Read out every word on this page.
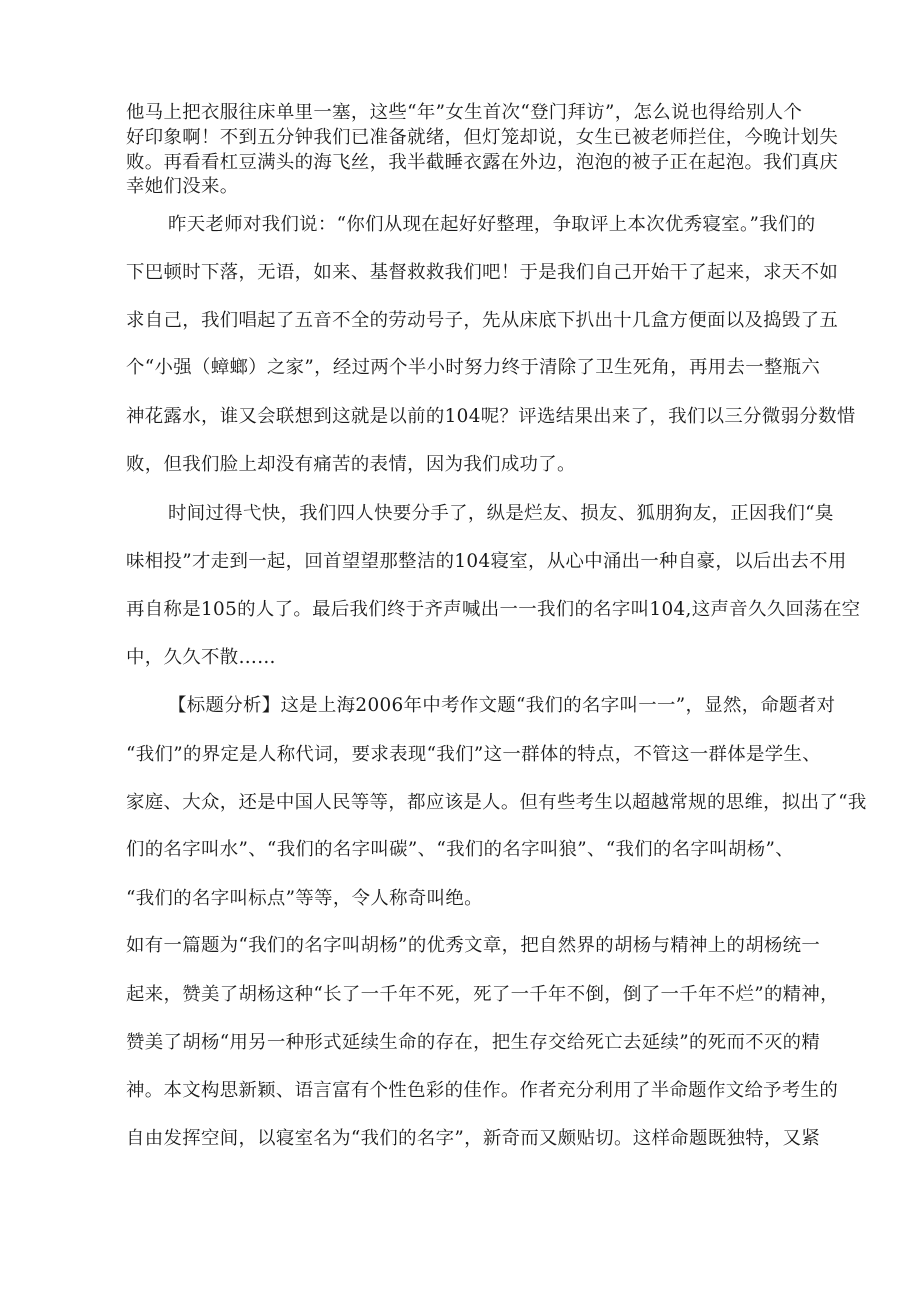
他马上把衣服往床单里一塞，这些“年”女生首次“登门拜访”，怎么说也得给别人个
好印象啊！不到五分钟我们已准备就绪，但灯笼却说，女生已被老师拦住，今晚计划失
败。再看看杠豆满头的海飞丝，我半截睡衣露在外边，泡泡的被子正在起泡。我们真庆
幸她们没来。
昨天老师对我们说：“你们从现在起好好整理，争取评上本次优秀寝室。”我们的
下巴顿时下落，无语，如来、基督救救我们吧！于是我们自己开始干了起来，求天不如
求自己，我们唱起了五音不全的劳动号子，先从床底下扒出十几盒方便面以及捣毁了五
个“小强（蟑螂）之家”，经过两个半小时努力终于清除了卫生死角，再用去一整瓶六
神花露水，谁又会联想到这就是以前的104呢？评选结果出来了，我们以三分微弱分数惜
败，但我们脸上却没有痛苦的表情，因为我们成功了。
时间过得弋快，我们四人快要分手了，纵是烂友、损友、狐朋狗友，正因我们“臭
味相投”才走到一起，回首望望那整洁的104寝室，从心中涌出一种自豪，以后出去不用
再自称是105的人了。最后我们终于齐声喊出一一我们的名字叫104,这声音久久回荡在空
中，久久不散……
【标题分析】这是上海2006年中考作文题“我们的名字叫一一”，显然，命题者对
“我们”的界定是人称代词，要求表现“我们”这一群体的特点，不管这一群体是学生、
家庭、大众，还是中国人民等等，都应该是人。但有些考生以超越常规的思维，拟出了“我
们的名字叫水”、“我们的名字叫碳”、“我们的名字叫狼”、“我们的名字叫胡杨”、
“我们的名字叫标点”等等，令人称奇叫绝。
如有一篇题为“我们的名字叫胡杨”的优秀文章，把自然界的胡杨与精神上的胡杨统一
起来，赞美了胡杨这种“长了一千年不死，死了一千年不倒，倒了一千年不烂”的精神，
赞美了胡杨“用另一种形式延续生命的存在，把生存交给死亡去延续”的死而不灭的精
神。本文构思新颖、语言富有个性色彩的佳作。作者充分利用了半命题作文给予考生的
自由发挥空间，以寝室名为“我们的名字”，新奇而又颇贴切。这样命题既独特，又紧
